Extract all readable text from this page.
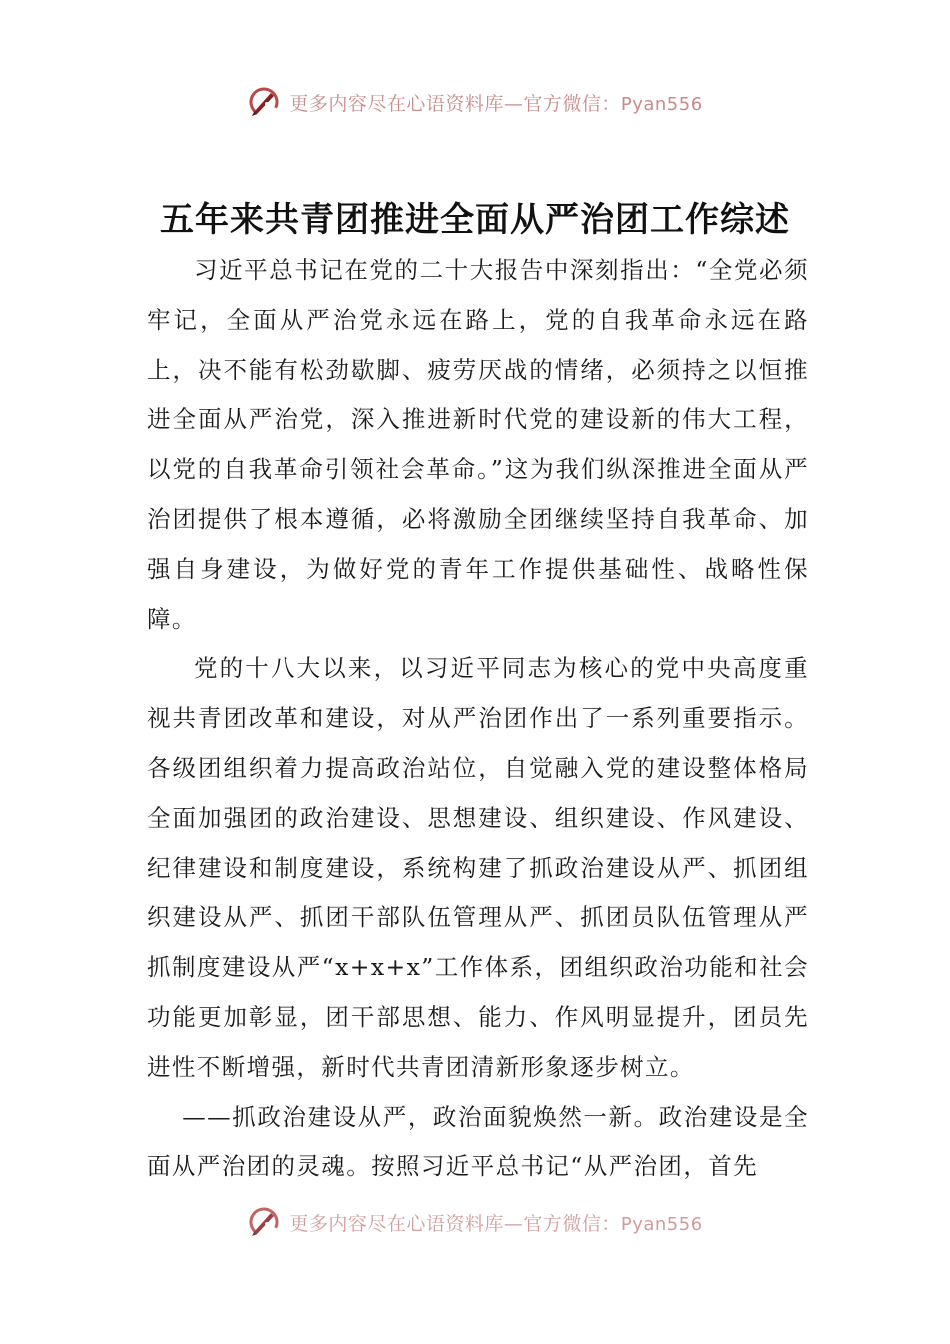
更多内容尽在心语资料库—官方微信：Pyan556
五年来共青团推进全面从严治团工作综述

习近平总书记在党的二十大报告中深刻指出：“全党必须牢记，全面从严治党永远在路上，党的自我革命永远在路上，决不能有松劲歇脚、疲劳厌战的情绪，必须持之以恒推进全面从严治党，深入推进新时代党的建设新的伟大工程，以党的自我革命引领社会革命。”这为我们纵深推进全面从严治团提供了根本遵循，必将激励全团继续坚持自我革命、加强自身建设，为做好党的青年工作提供基础性、战略性保障。

党的十八大以来，以习近平同志为核心的党中央高度重视共青团改革和建设，对从严治团作出了一系列重要指示。各级团组织着力提高政治站位，自觉融入党的建设整体格局全面加强团的政治建设、思想建设、组织建设、作风建设、纪律建设和制度建设，系统构建了抓政治建设从严、抓团组织建设从严、抓团干部队伍管理从严、抓团员队伍管理从严抓制度建设从严“x+x+x”工作体系，团组织政治功能和社会功能更加彰显，团干部思想、能力、作风明显提升，团员先进性不断增强，新时代共青团清新形象逐步树立。

——抓政治建设从严，政治面貌焕然一新。政治建设是全面从严治团的灵魂。按照习近平总书记“从严治团，首先

更多内容尽在心语资料库—官方微信：Pyan556
